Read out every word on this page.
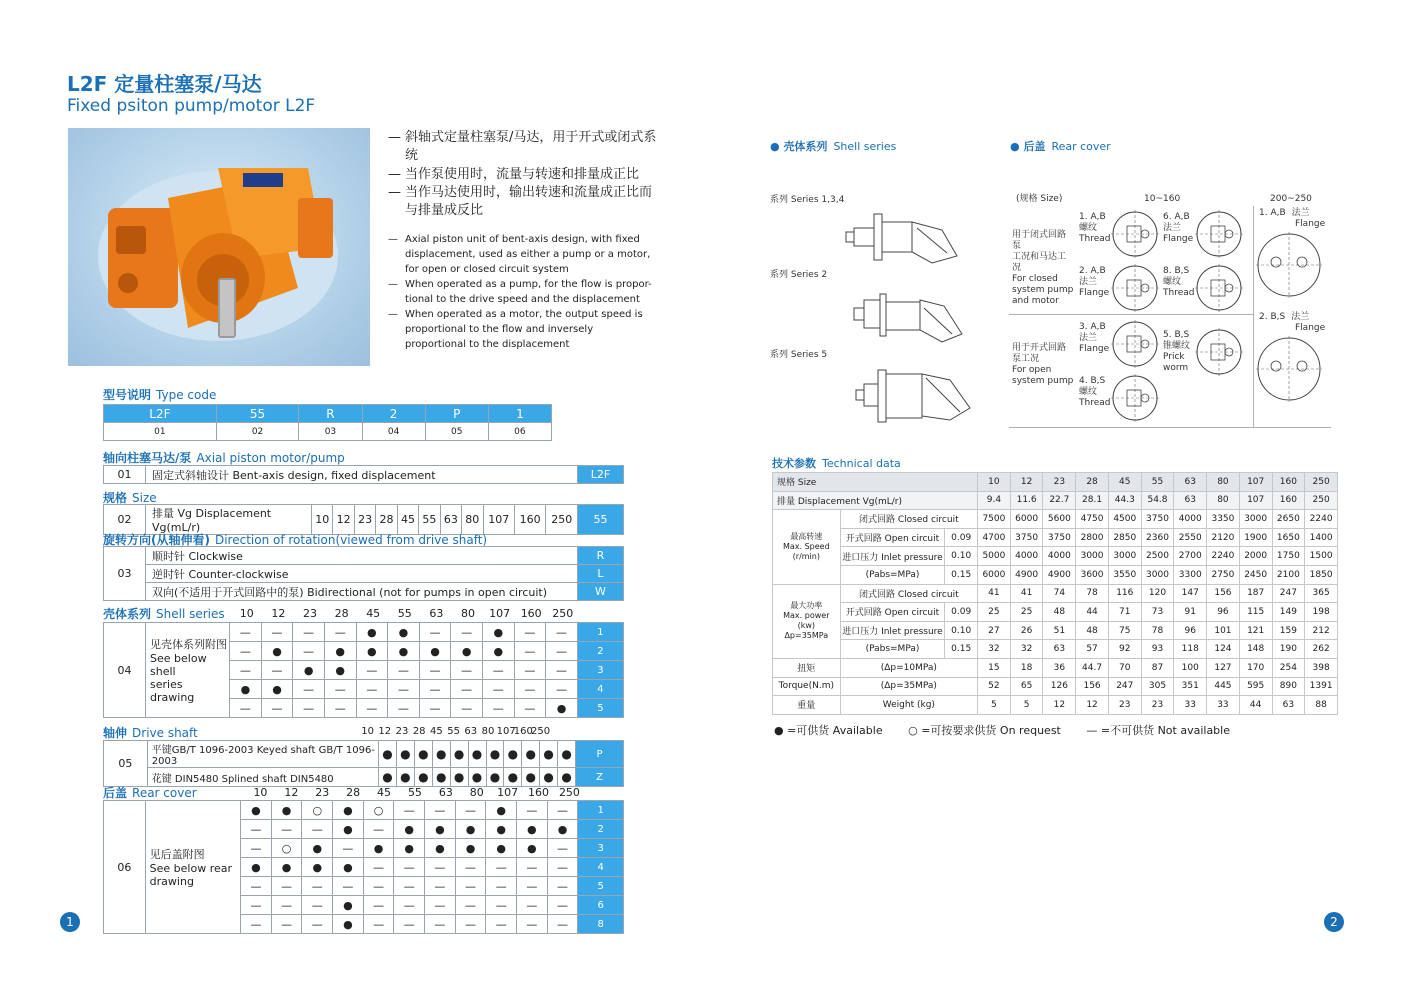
L2F 定量柱塞泵/马达
Fixed psiton pump/motor L2F
— 斜轴式定量柱塞泵/马达，用于开式或闭式系统
— 当作泵使用时，流量与转速和排量成正比
— 当作马达使用时，输出转速和流量成正比而与排量成反比
— Axial piston unit of bent-axis design, with fixed displacement, used as either a pump or a motor, for open or closed circuit system
— When operated as a pump, for the flow is propor-tional to the drive speed and the displacement
— When operated as a motor, the output speed is proportional to the flow and inversely proportional to the displacement
型号说明 Type code
L2F	55	R	2	P	1
01	02	03	04	05	06
轴向柱塞马达/泵 Axial piston motor/pump
01	固定式斜轴设计 Bent-axis design, fixed displacement	L2F
规格 Size
02	排量 Vg Displacement Vg(mL/r)	10	12	23	28	45	55	63	80	107	160	250	55
旋转方向(从轴伸看) Direction of rotation(viewed from drive shaft)
03	顺时针 Clockwise	R
	逆时针 Counter-clockwise	L
	双向(不适用于开式回路中的泵) Bidirectional (not for pumps in open circuit)	W
壳体系列 Shell series	10	12	23	28	45	55	63	80	107 160 250
04	见壳体系列附图
See below shell
series drawing	—	—	—	—	●	●	—	—	●	—	—	1
		—	●	—	●	●	●	●	●	●	—	—	2
		—	—	●	●	—	—	—	—	—	—	—	3
		●	●	—	—	—	—	—	—	—	—	—	4
		—	—	—	—	—	—	—	—	—	—	●	5
轴伸 Drive shaft	10 12 23 28 45 55 63 80 107
160
250
05	平键GB/T 1096-2003 Keyed shaft GB/T 1096-2003	●	●	●	●	●	●	●	●	●	●	●	P
	花键 DIN5480 Splined shaft DIN5480	●	●	●	●	●	●	●	●	●	●	●	Z
后盖 Rear cover	10	12	23	28	45	55	63	80	107 160 250
06	见后盖附图
See below rear
drawing	●	●	○	●	○	—	—	—	●	—	—	1
		—	—	—	●	—	●	●	●	●	●	●	2
		—	○	●	—	●	●	●	●	●	●	—	3
		●	●	●	●	—	—	—	—	—	—	—	4
		—	—	—	—	—	—	—	—	—	—	—	5
		—	—	—	●	—	—	—	—	—	—	—	6
		—	—	—	●	—	—	—	—	—	—	—	8
1
● 壳体系列 Shell series	● 后盖 Rear cover
系列 Series 1,3,4
系列 Series 2
系列 Series 5
(规格 Size)	10~160	200~250
用于闭式回路泵
工况和马达工况
For closed
system pump
and motor
用于开式回路
泵工况
For open
system pump
1. A,B
螺纹
Thread
6. A,B
法兰
Flange
2. A,B
法兰
Flange
8. B,S
螺纹
Thread
3. A,B
法兰
Flange
5. B,S
锥螺纹
Prick worm
4. B,S
螺纹
Thread
1. A,B 法兰
Flange
2. B,S 法兰
Flange
技术参数 Technical data
规格 Size			10	12	23	28	45	55	63	80	107	160	250
排量 Displacement Vg(mL/r)			9.4	11.6	22.7	28.1	44.3	54.8	63	80	107	160	250

最高转速
Max. Speed
(r/min)	闭式回路 Closed circuit		7500	6000	5600	4750	4500	3750	4000	3350	3000	2650	2240
	开式回路 Open circuit	0.09	4700	3750	3750	2800	2850	2360	2550	2120	1900	1650	1400
	进口压力 Inlet pressure	0.10	5000	4000	4000	3000	3000	2500	2700	2240	2000	1750	1500
	(Pabs=MPa)	0.15	6000	4900	4900	3600	3550	3000	3300	2750	2450	2100	1850

最大功率
Max. power
(kw)
Δp=35MPa	闭式回路 Closed circuit		41	41	74	78	116	120	147	156	187	247	365
	开式回路 Open circuit	0.09	25	25	48	44	71	73	91	96	115	149	198
	进口压力 Inlet pressure	0.10	27	26	51	48	75	78	96	101	121	159	212
	(Pabs=MPa)	0.15	32	32	63	57	92	93	118	124	148	190	262
扭矩	(Δp=10MPa)		15	18	36	44.7	70	87	100	127	170	254	398
Torque(N.m)	(Δp=35MPa)		52	65	126	156	247	305	351	445	595	890	1391
重量	Weight (kg)		5	5	12	12	23	23	33	33	44	63	88
● =可供货 Available ○ =可按要求供货 On request — =不可供货 Not available
2
